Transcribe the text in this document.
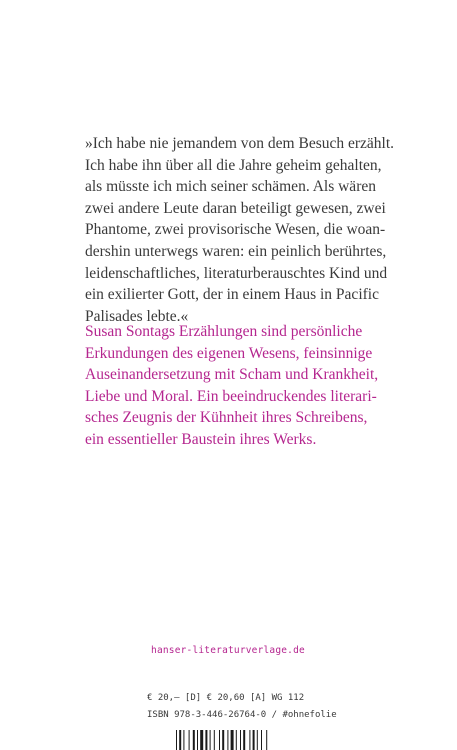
»Ich habe nie jemandem von dem Besuch erzählt.
Ich habe ihn über all die Jahre geheim gehalten,
als müsste ich mich seiner schämen. Als wären
zwei andere Leute daran beteiligt gewesen, zwei
Phantome, zwei provisorische Wesen, die woan-
dershin unterwegs waren: ein peinlich berührtes,
leidenschaftliches, literaturberauschtes Kind und
ein exilierter Gott, der in einem Haus in Pacific
Palisades lebte.«
Susan Sontags Erzählungen sind persönliche
Erkundungen des eigenen Wesens, feinsinnige
Auseinandersetzung mit Scham und Krankheit,
Liebe und Moral. Ein beeindruckendes literari-
sches Zeugnis der Kühnheit ihres Schreibens,
ein essentieller Baustein ihres Werks.
hanser-literaturverlage.de
€ 20,– [D] € 20,60 [A] WG 112
ISBN 978-3-446-26764-0 / #ohnefolie
